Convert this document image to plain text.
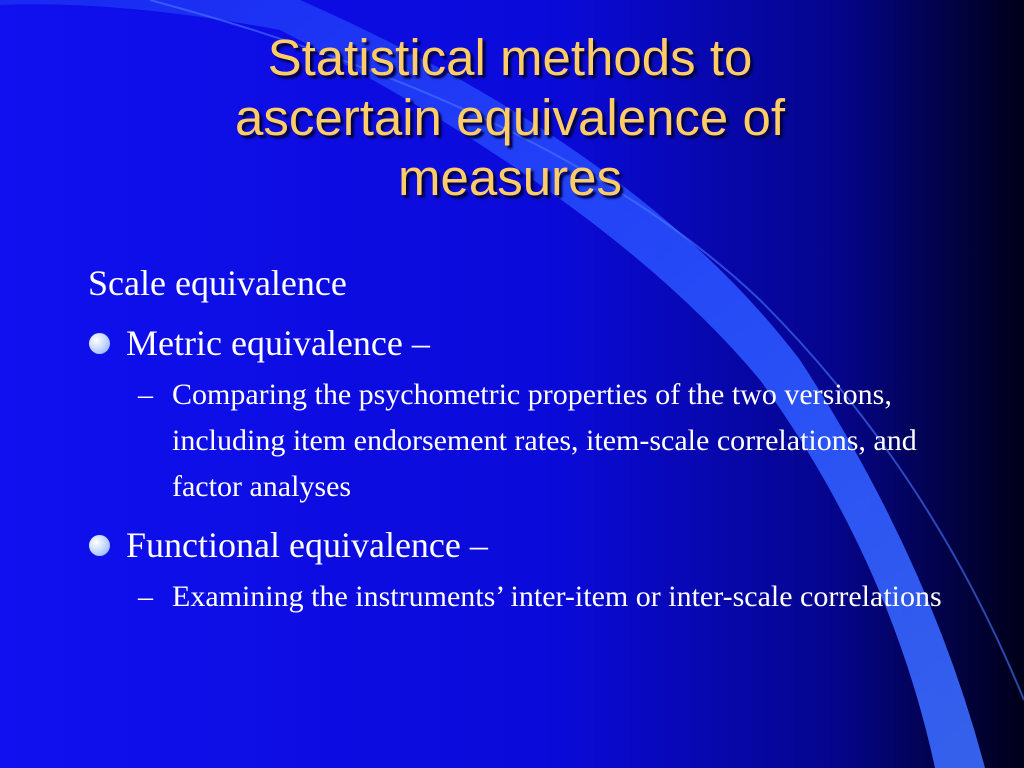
Statistical methods to
ascertain equivalence of
measures
Scale equivalence
Metric equivalence –
– Comparing the psychometric properties of the two versions, including item endorsement rates, item-scale correlations, and factor analyses
Functional equivalence –
– Examining the instruments’ inter-item or inter-scale correlations
